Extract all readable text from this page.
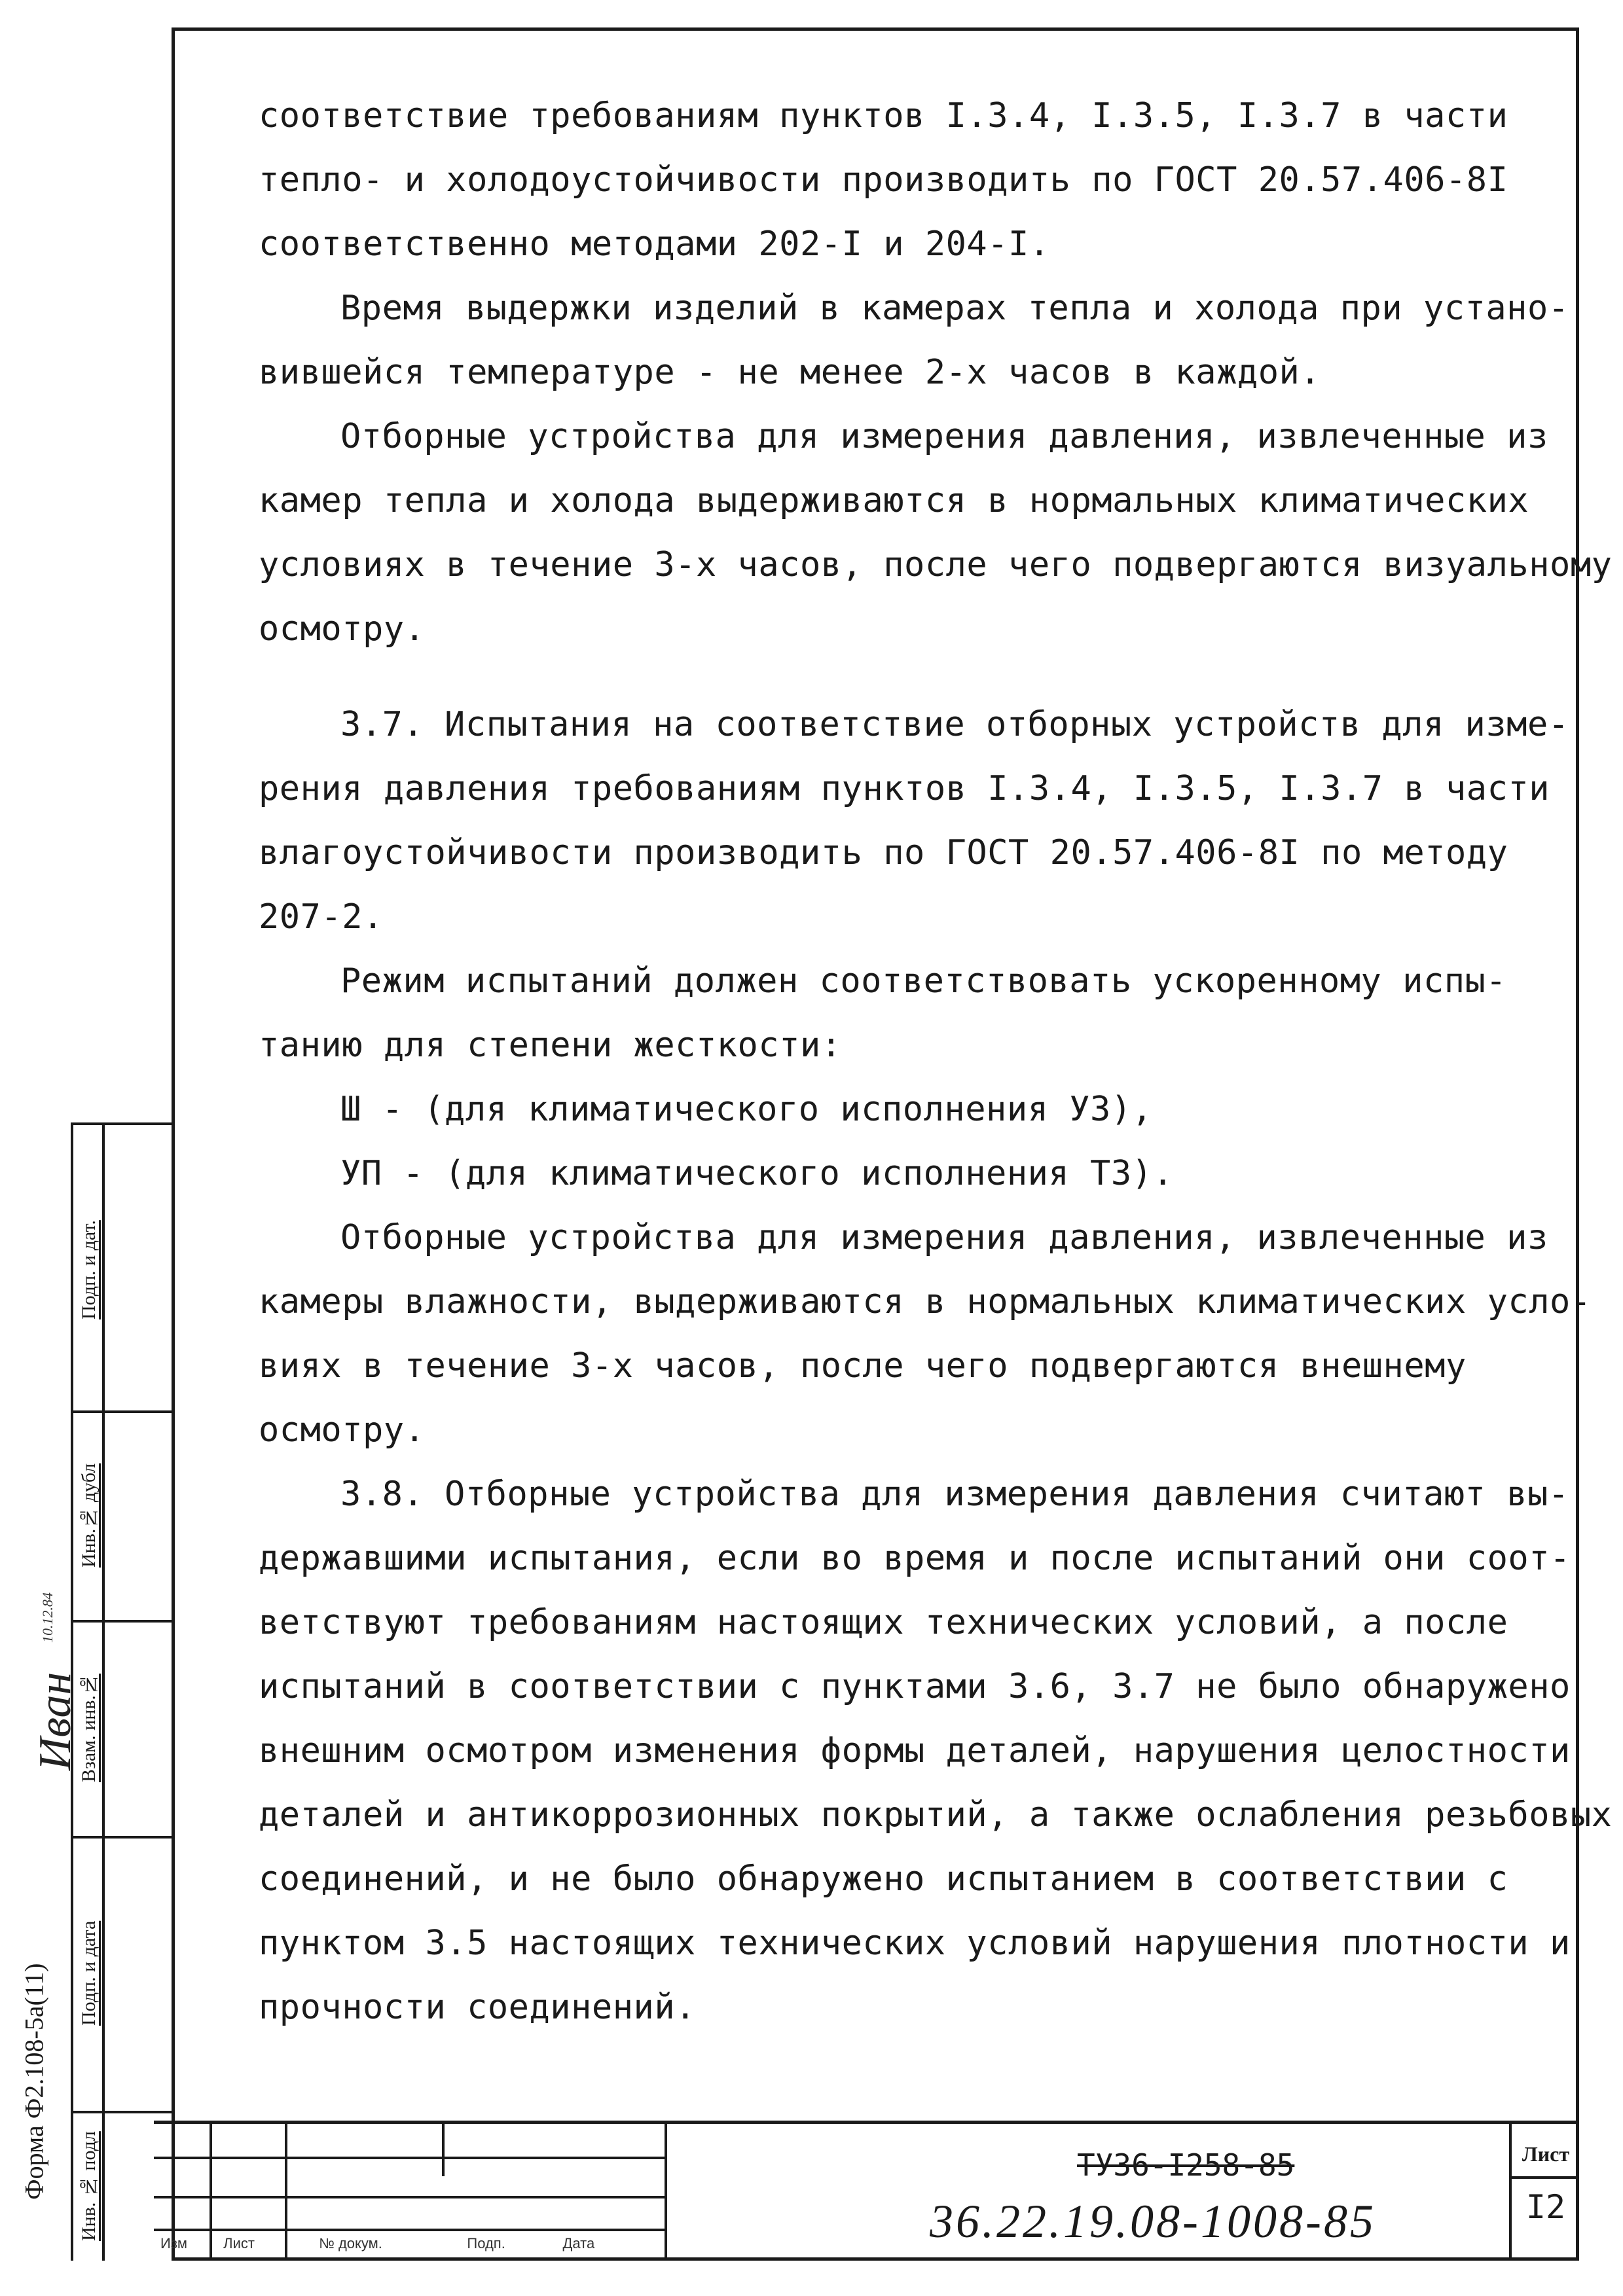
соответствие требованиям пунктов I.3.4, I.3.5, I.3.7 в части
тепло- и холодоустойчивости производить по ГОСТ 20.57.406-8I
соответственно методами 202-I и 204-I.
Время выдержки изделий в камерах тепла и холода при устано-
вившейся температуре - не менее 2-х часов в каждой.
Отборные устройства для измерения давления, извлеченные из
камер тепла и холода выдерживаются в нормальных климатических
условиях в течение 3-х часов, после чего подвергаются визуальному
осмотру.
3.7. Испытания на соответствие отборных устройств для изме-
рения давления требованиям пунктов I.3.4, I.3.5, I.3.7 в части
влагоустойчивости производить по ГОСТ 20.57.406-8I по методу
207-2.
Режим испытаний должен соответствовать ускоренному испы-
танию для степени жесткости:
Ш - (для климатического исполнения У3),
УП - (для климатического исполнения Т3).
Отборные устройства для измерения давления, извлеченные из
камеры влажности, выдерживаются в нормальных климатических усло-
виях в течение 3-х часов, после чего подвергаются внешнему
осмотру.
3.8. Отборные устройства для измерения давления считают вы-
державшими испытания, если во время и после испытаний они соот-
ветствуют требованиям настоящих технических условий, а после
испытаний в соответствии с пунктами 3.6, 3.7 не было обнаружено
внешним осмотром изменения формы деталей, нарушения целостности
деталей и антикоррозионных покрытий, а также ослабления резьбовых
соединений, и не было обнаружено испытанием в соответствии с
пунктом 3.5 настоящих технических условий нарушения плотности и
прочности соединений.
Подп. и дат.
Инв.№ дубл
Взам. инв.№
Подп. и дата
Инв. № подл
Иван
10.12.84
Форма Ф2.108-5а(11)
Изм	Лист	№ докум.	Подп.	Дата
ТУ36-I258-85
36.22.19.08-1008-85
Лист
I2
